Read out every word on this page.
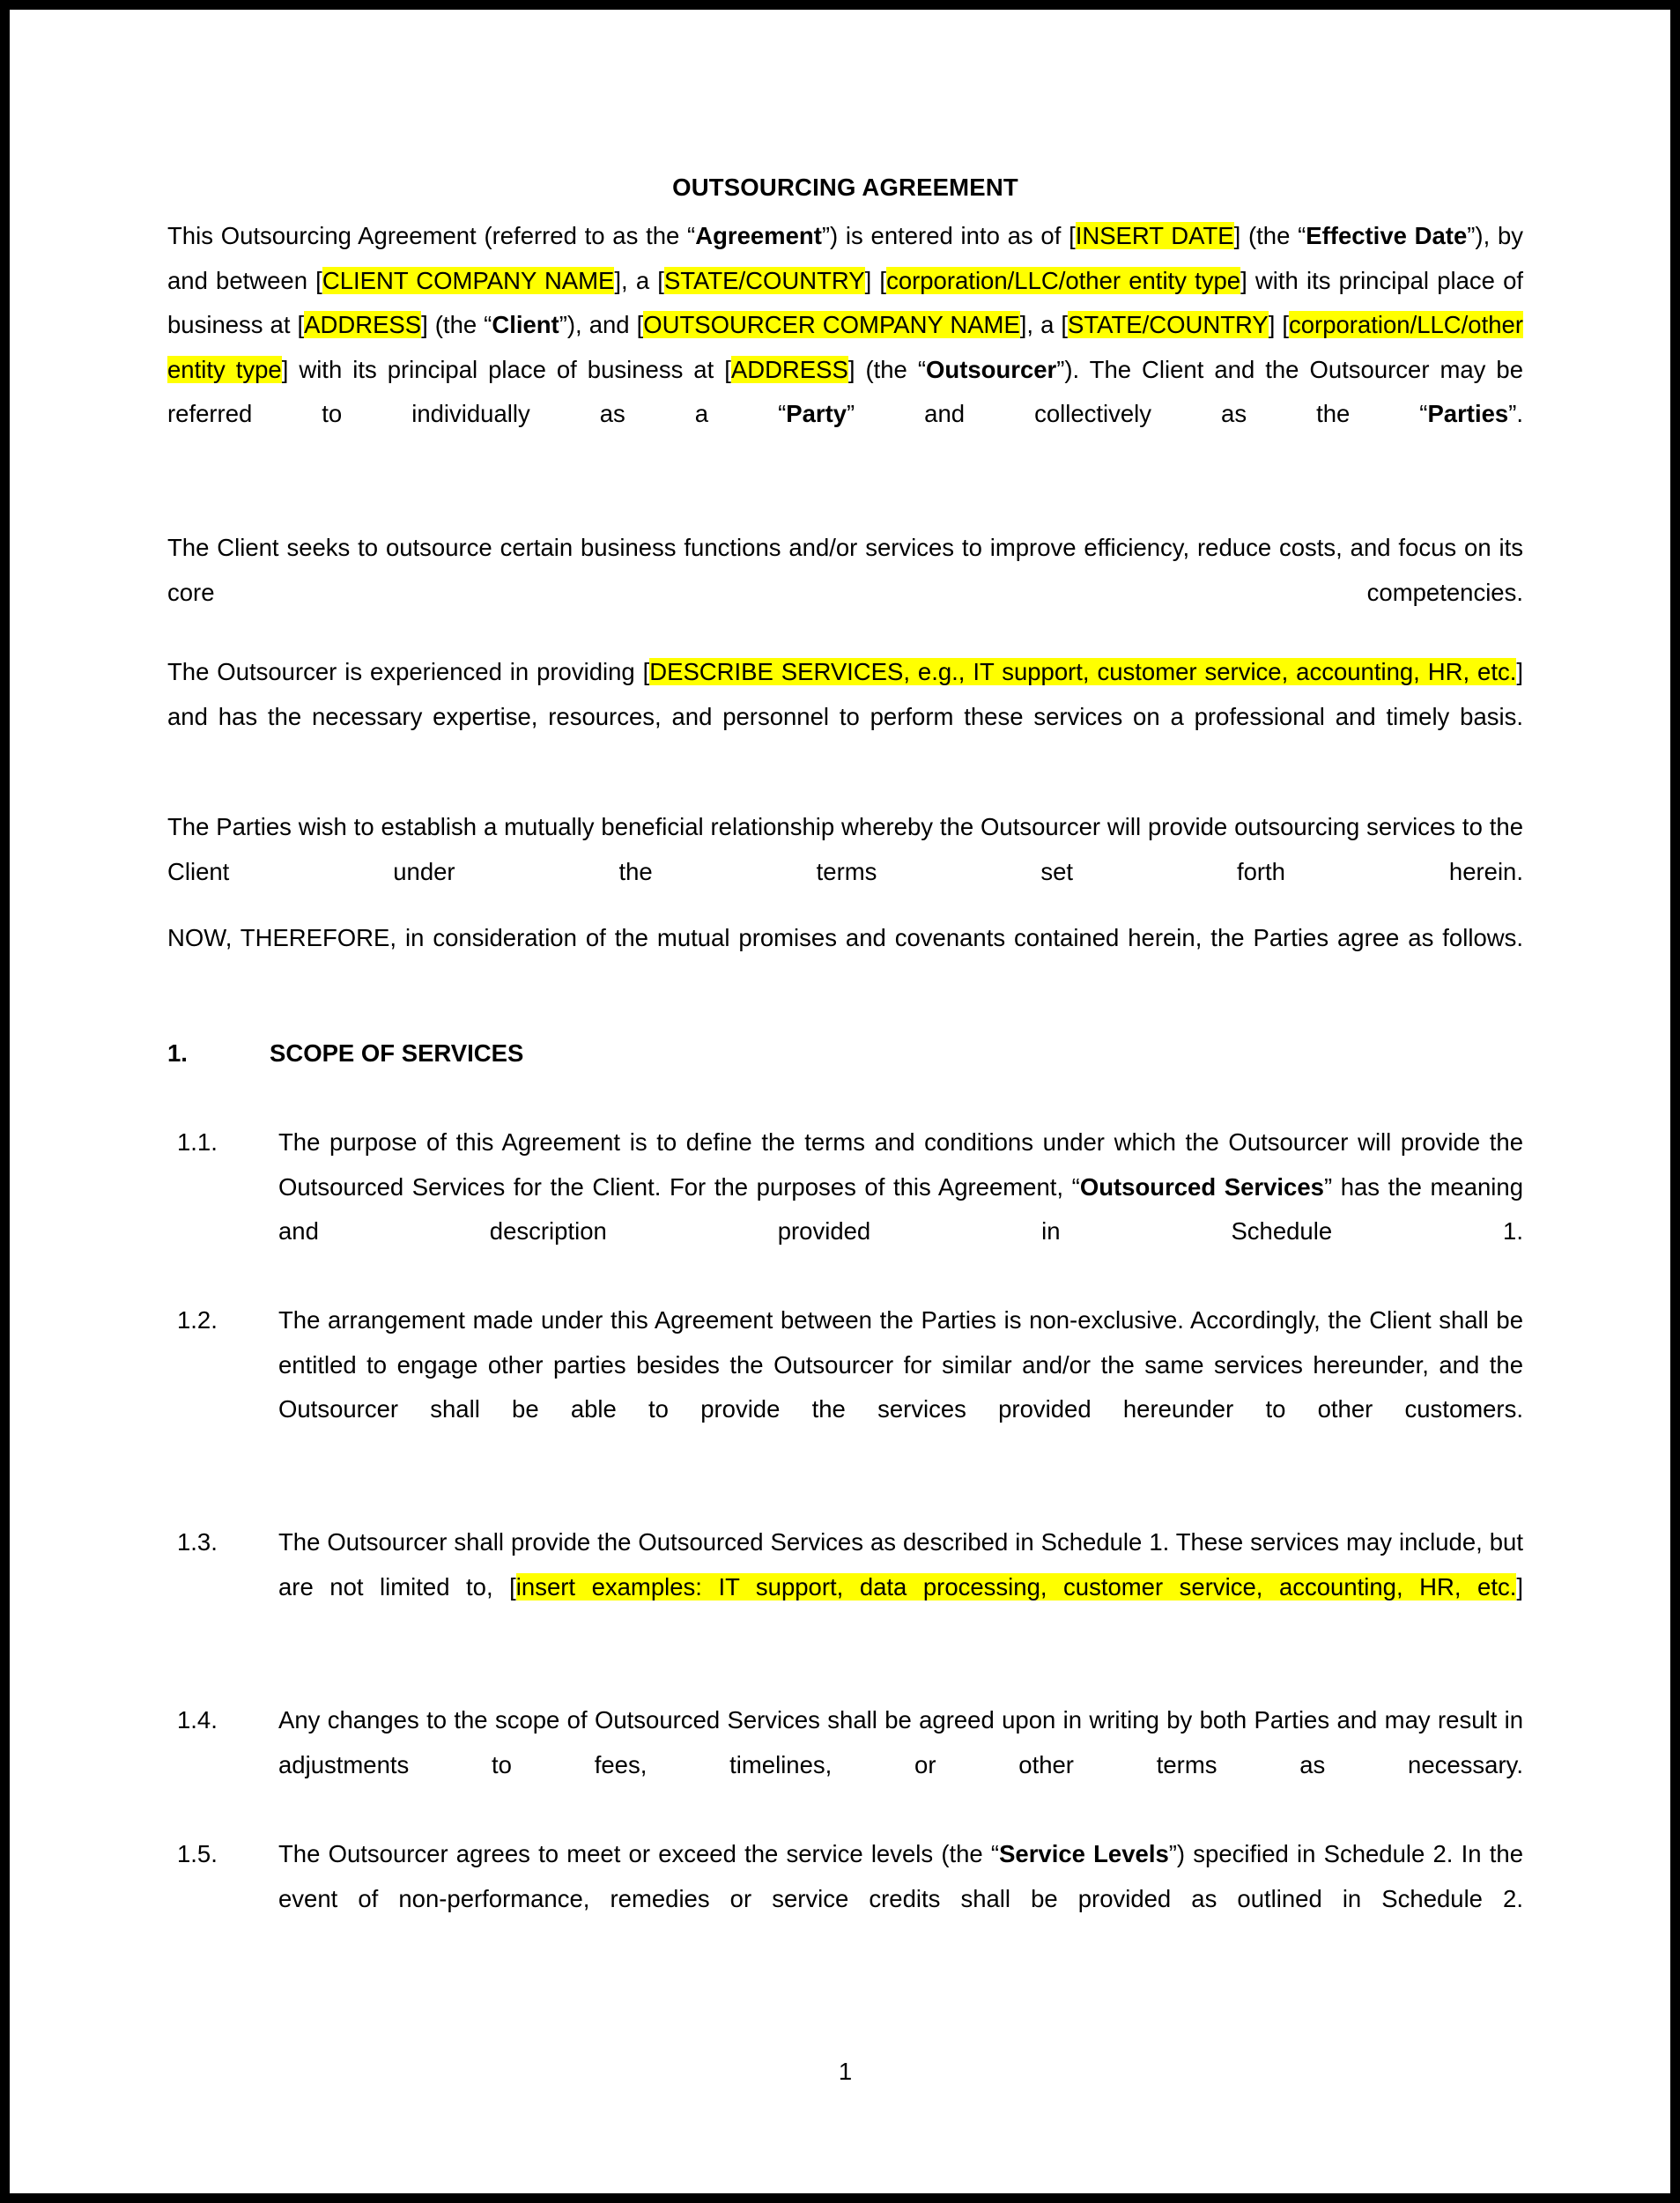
OUTSOURCING AGREEMENT
This Outsourcing Agreement (referred to as the “Agreement”) is entered into as of [INSERT DATE] (the “Effective Date”), by and between [CLIENT COMPANY NAME], a [STATE/COUNTRY] [corporation/LLC/other entity type] with its principal place of business at [ADDRESS] (the “Client”), and [OUTSOURCER COMPANY NAME], a [STATE/COUNTRY] [corporation/LLC/other entity type] with its principal place of business at [ADDRESS] (the “Outsourcer”). The Client and the Outsourcer may be referred to individually as a “Party” and collectively as the “Parties”.
The Client seeks to outsource certain business functions and/or services to improve efficiency, reduce costs, and focus on its core competencies.
The Outsourcer is experienced in providing [DESCRIBE SERVICES, e.g., IT support, customer service, accounting, HR, etc.] and has the necessary expertise, resources, and personnel to perform these services on a professional and timely basis.
The Parties wish to establish a mutually beneficial relationship whereby the Outsourcer will provide outsourcing services to the Client under the terms set forth herein.
NOW, THEREFORE, in consideration of the mutual promises and covenants contained herein, the Parties agree as follows.
1.	SCOPE OF SERVICES
1.1.	The purpose of this Agreement is to define the terms and conditions under which the Outsourcer will provide the Outsourced Services for the Client. For the purposes of this Agreement, “Outsourced Services” has the meaning and description provided in Schedule 1.
1.2.	The arrangement made under this Agreement between the Parties is non-exclusive. Accordingly, the Client shall be entitled to engage other parties besides the Outsourcer for similar and/or the same services hereunder, and the Outsourcer shall be able to provide the services provided hereunder to other customers.
1.3.	The Outsourcer shall provide the Outsourced Services as described in Schedule 1. These services may include, but are not limited to, [insert examples: IT support, data processing, customer service, accounting, HR, etc.]
1.4.	Any changes to the scope of Outsourced Services shall be agreed upon in writing by both Parties and may result in adjustments to fees, timelines, or other terms as necessary.
1.5.	The Outsourcer agrees to meet or exceed the service levels (the “Service Levels”) specified in Schedule 2. In the event of non-performance, remedies or service credits shall be provided as outlined in Schedule 2.
1
